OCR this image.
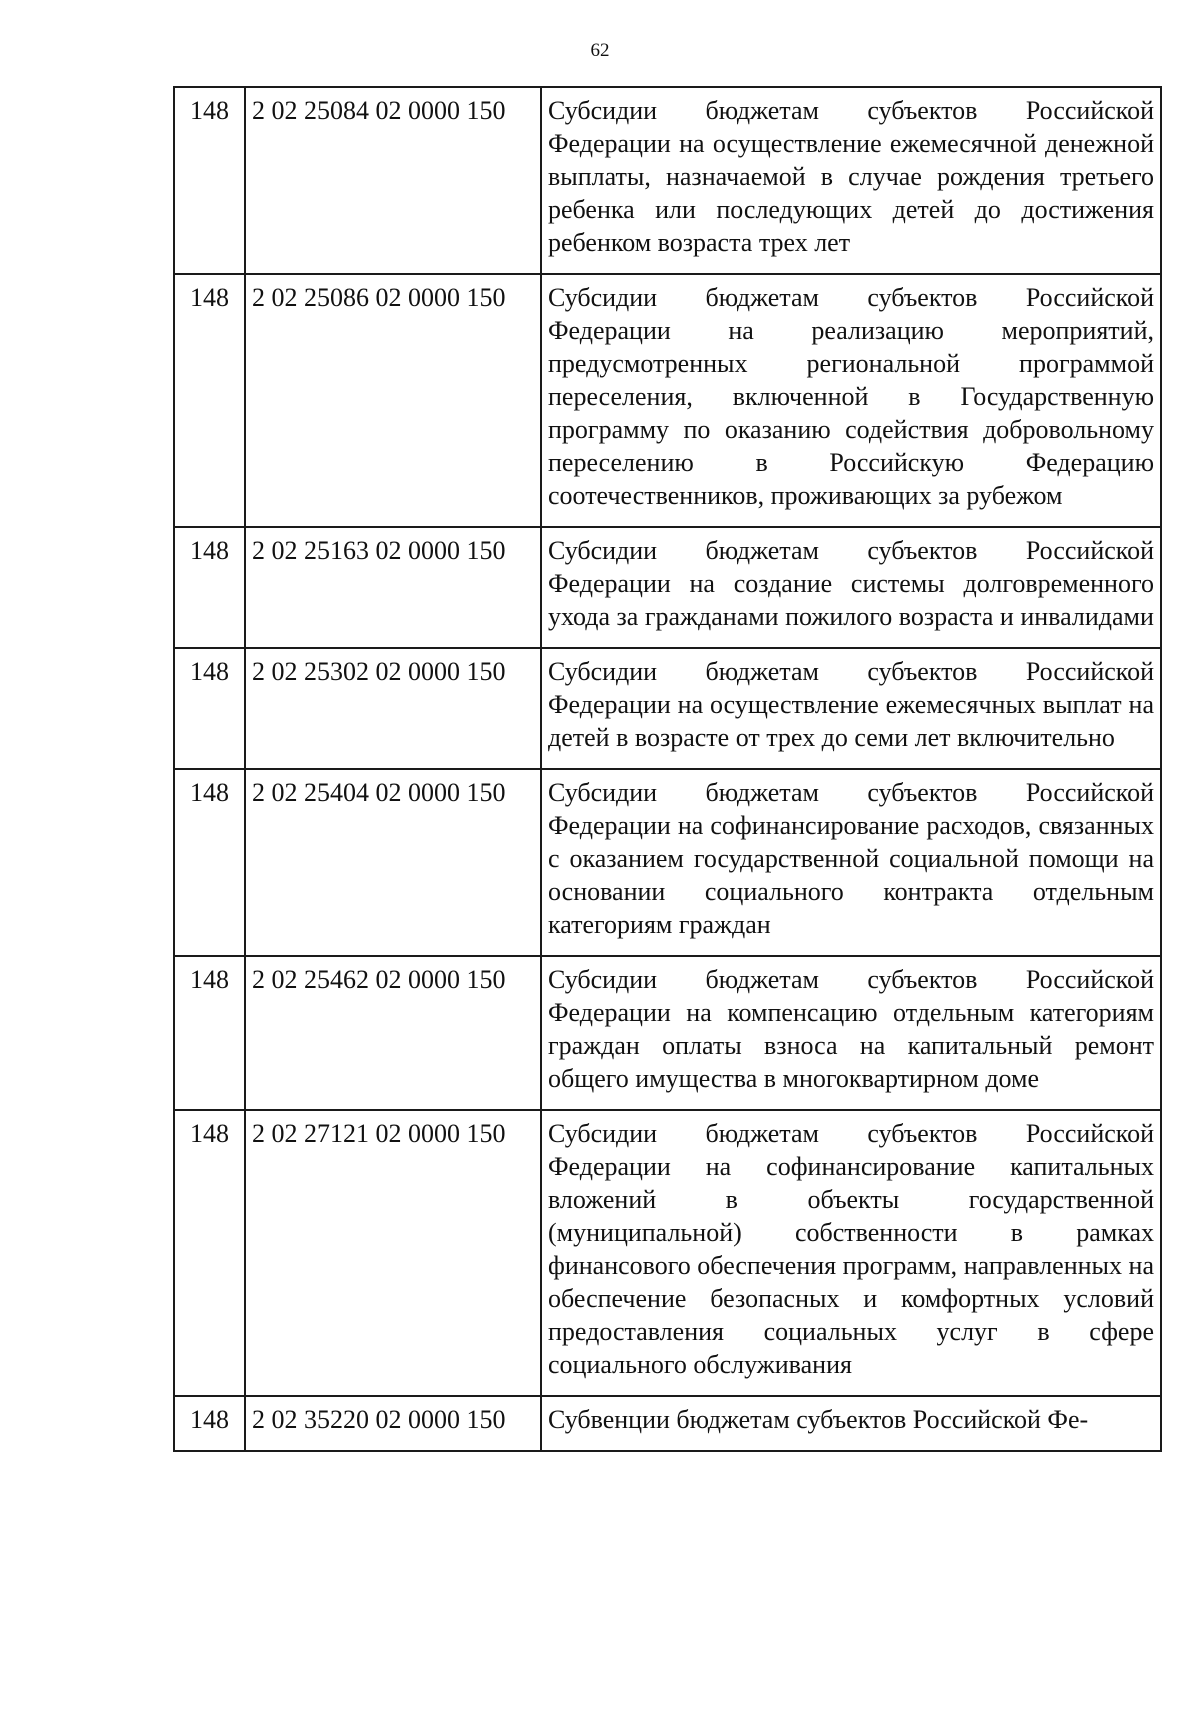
62
148	2 02 25084 02 0000 150	Субсидии бюджетам субъектов Российской Федерации на осуществление ежемесячной денежной выплаты, назначаемой в случае рождения третьего ребенка или последующих детей до достижения ребенком возраста трех лет
148	2 02 25086 02 0000 150	Субсидии бюджетам субъектов Российской Федерации на реализацию мероприятий, предусмотренных региональной программой переселения, включенной в Государственную программу по оказанию содействия добровольному переселению в Российскую Федерацию соотечественников, проживающих за рубежом
148	2 02 25163 02 0000 150	Субсидии бюджетам субъектов Российской Федерации на создание системы долговременного ухода за гражданами пожилого возраста и инвалидами
148	2 02 25302 02 0000 150	Субсидии бюджетам субъектов Российской Федерации на осуществление ежемесячных выплат на детей в возрасте от трех до семи лет включительно
148	2 02 25404 02 0000 150	Субсидии бюджетам субъектов Российской Федерации на софинансирование расходов, связанных с оказанием государственной социальной помощи на основании социального контракта отдельным категориям граждан
148	2 02 25462 02 0000 150	Субсидии бюджетам субъектов Российской Федерации на компенсацию отдельным категориям граждан оплаты взноса на капитальный ремонт общего имущества в многоквартирном доме
148	2 02 27121 02 0000 150	Субсидии бюджетам субъектов Российской Федерации на софинансирование капитальных вложений в объекты государственной (муниципальной) собственности в рамках финансового обеспечения программ, направленных на обеспечение безопасных и комфортных условий предоставления социальных услуг в сфере социального обслуживания
148	2 02 35220 02 0000 150	Субвенции бюджетам субъектов Российской Фе-
